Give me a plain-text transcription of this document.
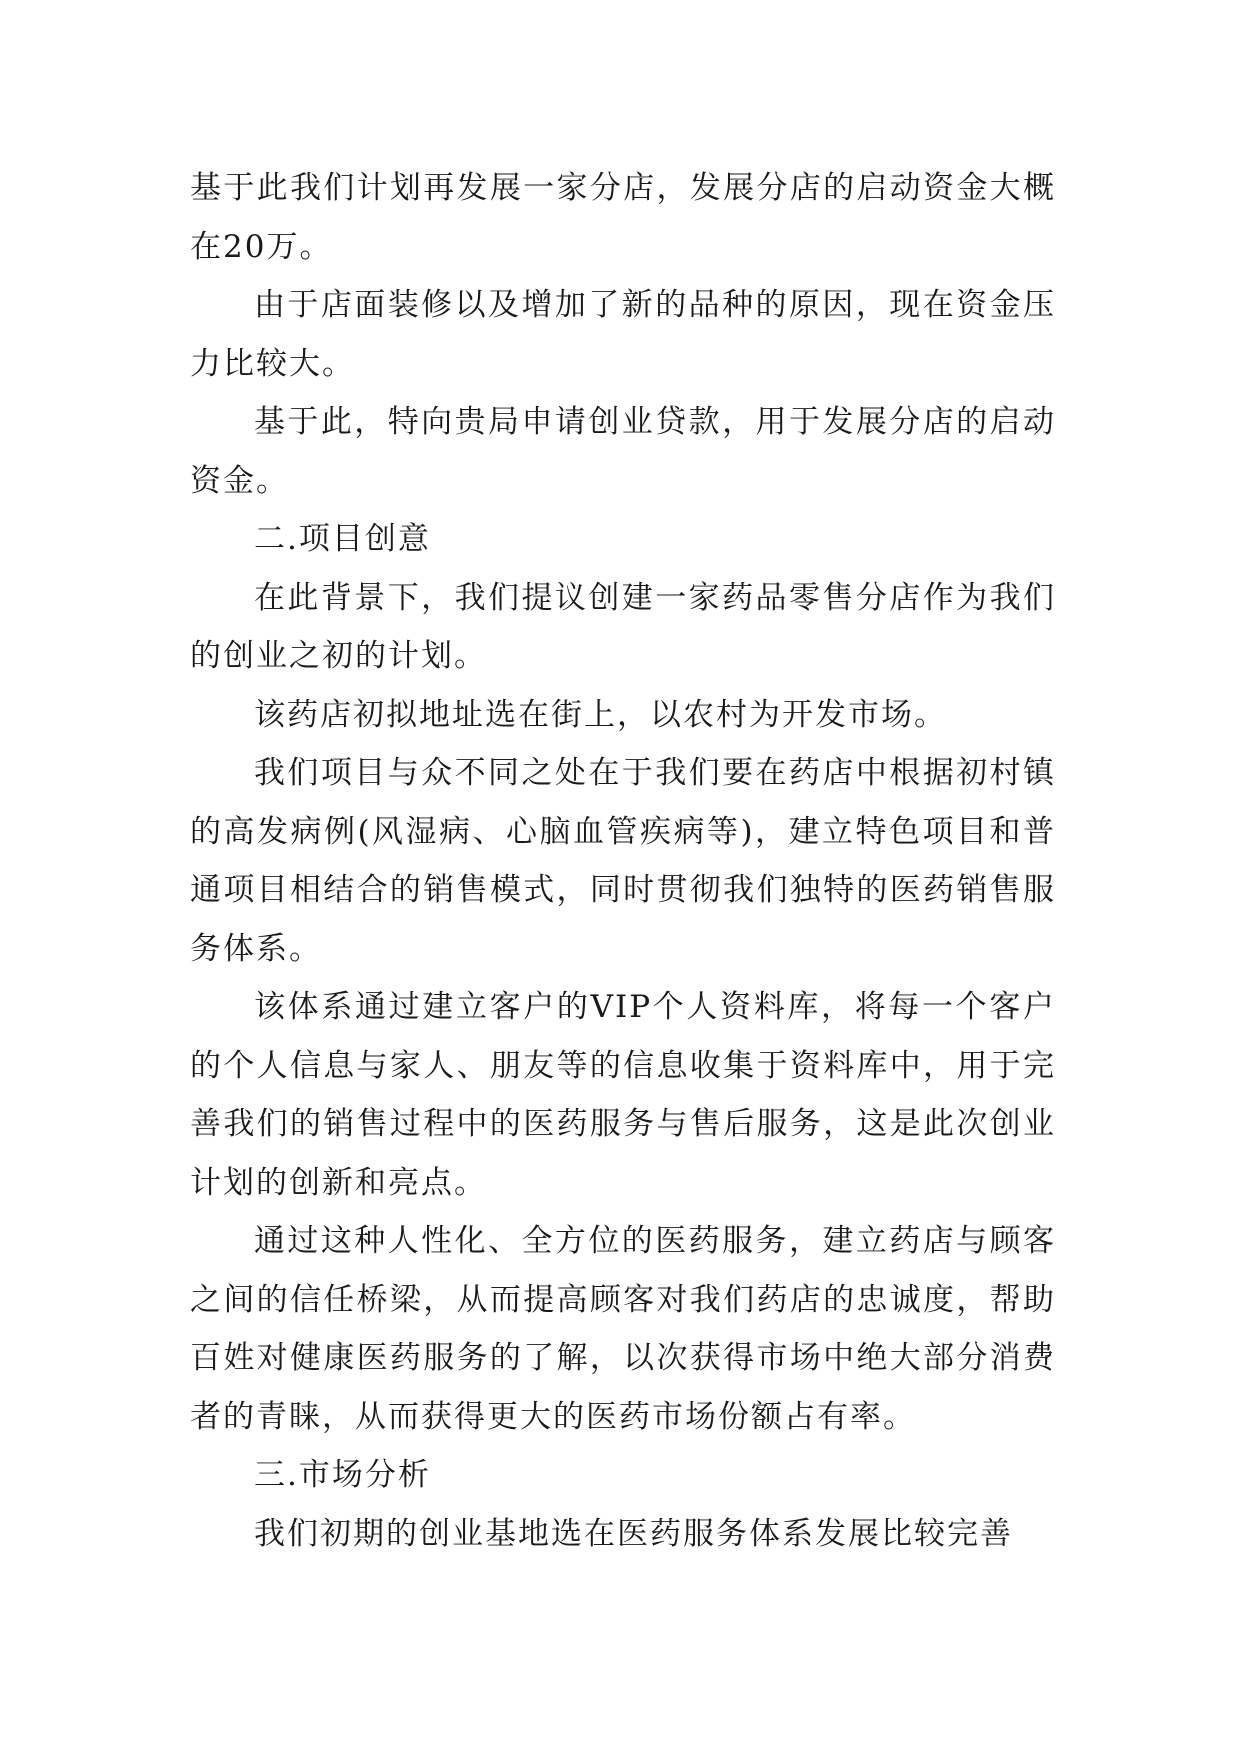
基于此我们计划再发展一家分店，发展分店的启动资金大概在20万。

由于店面装修以及增加了新的品种的原因，现在资金压力比较大。

基于此，特向贵局申请创业贷款，用于发展分店的启动资金。

二.项目创意

在此背景下，我们提议创建一家药品零售分店作为我们的创业之初的计划。

该药店初拟地址选在街上，以农村为开发市场。

我们项目与众不同之处在于我们要在药店中根据初村镇的高发病例(风湿病、心脑血管疾病等)，建立特色项目和普通项目相结合的销售模式，同时贯彻我们独特的医药销售服务体系。

该体系通过建立客户的VIP个人资料库，将每一个客户的个人信息与家人、朋友等的信息收集于资料库中，用于完善我们的销售过程中的医药服务与售后服务，这是此次创业计划的创新和亮点。

通过这种人性化、全方位的医药服务，建立药店与顾客之间的信任桥梁，从而提高顾客对我们药店的忠诚度，帮助百姓对健康医药服务的了解，以次获得市场中绝大部分消费者的青睐，从而获得更大的医药市场份额占有率。

三.市场分析

我们初期的创业基地选在医药服务体系发展比较完善
